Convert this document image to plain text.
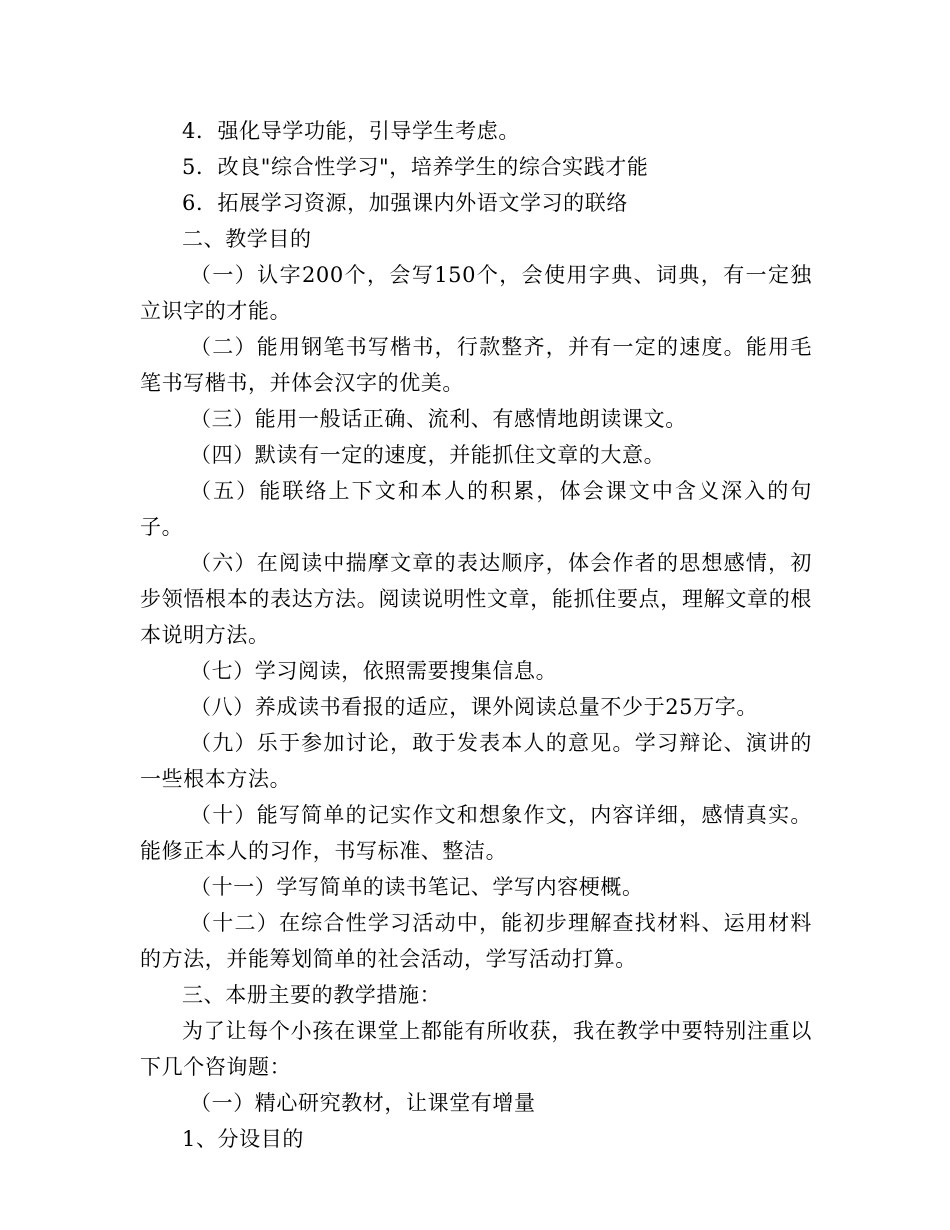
4．强化导学功能，引导学生考虑。

5．改良"综合性学习"，培养学生的综合实践才能

6．拓展学习资源，加强课内外语文学习的联络

二、教学目的

（一）认字200个，会写150个，会使用字典、词典，有一定独立识字的才能。

（二）能用钢笔书写楷书，行款整齐，并有一定的速度。能用毛笔书写楷书，并体会汉字的优美。

（三）能用一般话正确、流利、有感情地朗读课文。

（四）默读有一定的速度，并能抓住文章的大意。

（五）能联络上下文和本人的积累，体会课文中含义深入的句子。

（六）在阅读中揣摩文章的表达顺序，体会作者的思想感情，初步领悟根本的表达方法。阅读说明性文章，能抓住要点，理解文章的根本说明方法。

（七）学习阅读，依照需要搜集信息。

（八）养成读书看报的适应，课外阅读总量不少于25万字。

（九）乐于参加讨论，敢于发表本人的意见。学习辩论、演讲的一些根本方法。

（十）能写简单的记实作文和想象作文，内容详细，感情真实。能修正本人的习作，书写标准、整洁。

（十一）学写简单的读书笔记、学写内容梗概。

（十二）在综合性学习活动中，能初步理解查找材料、运用材料的方法，并能筹划简单的社会活动，学写活动打算。

三、本册主要的教学措施：

为了让每个小孩在课堂上都能有所收获，我在教学中要特别注重以下几个咨询题：

（一）精心研究教材，让课堂有增量

1、分设目的
